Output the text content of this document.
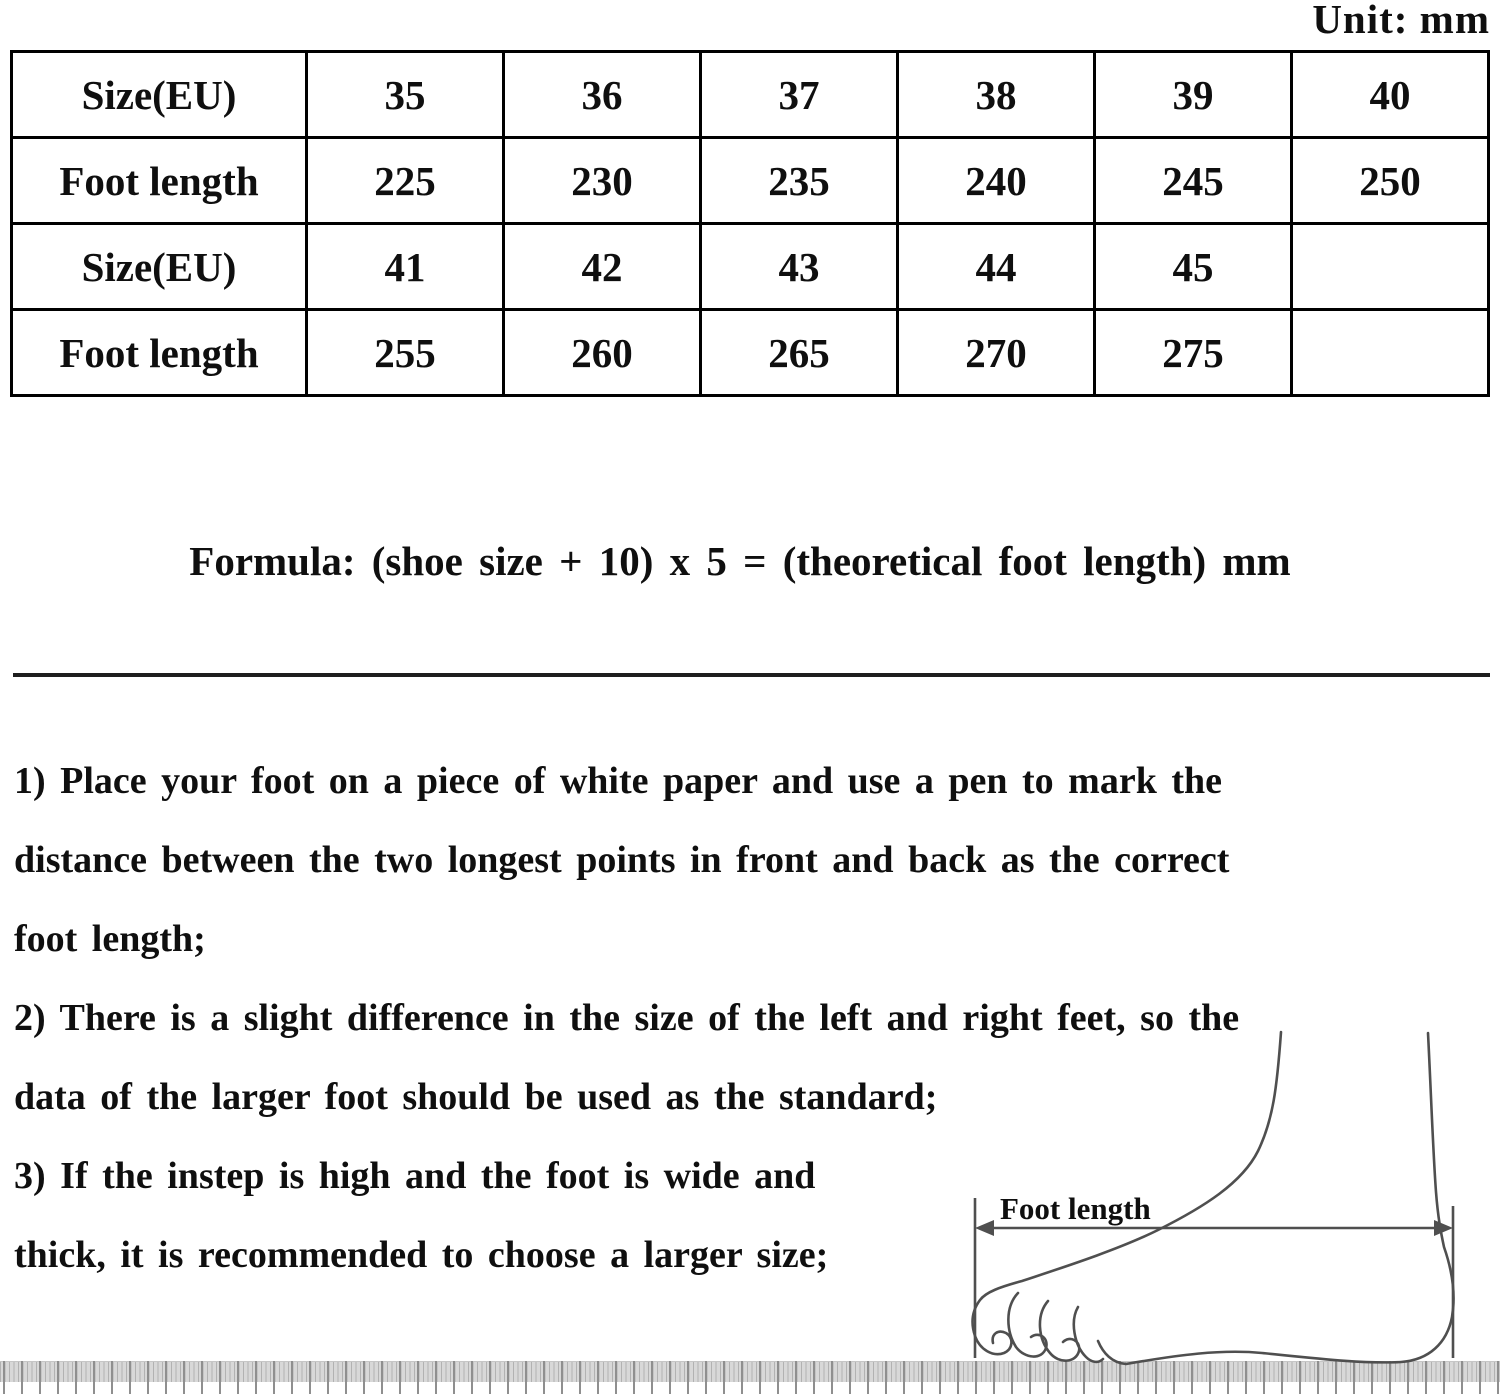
Unit: mm
Size(EU)	35	36	37	38	39	40
Foot length	225	230	235	240	245	250
Size(EU)	41	42	43	44	45	
Foot length	255	260	265	270	275	
Formula: (shoe size + 10) x 5 = (theoretical foot length) mm
1) Place your foot on a piece of white paper and use a pen to mark the
distance between the two longest points in front and back as the correct
foot length;
2) There is a slight difference in the size of the left and right feet, so the
data of the larger foot should be used as the standard;
3) If the instep is high and the foot is wide and
thick, it is recommended to choose a larger size;
Foot length
